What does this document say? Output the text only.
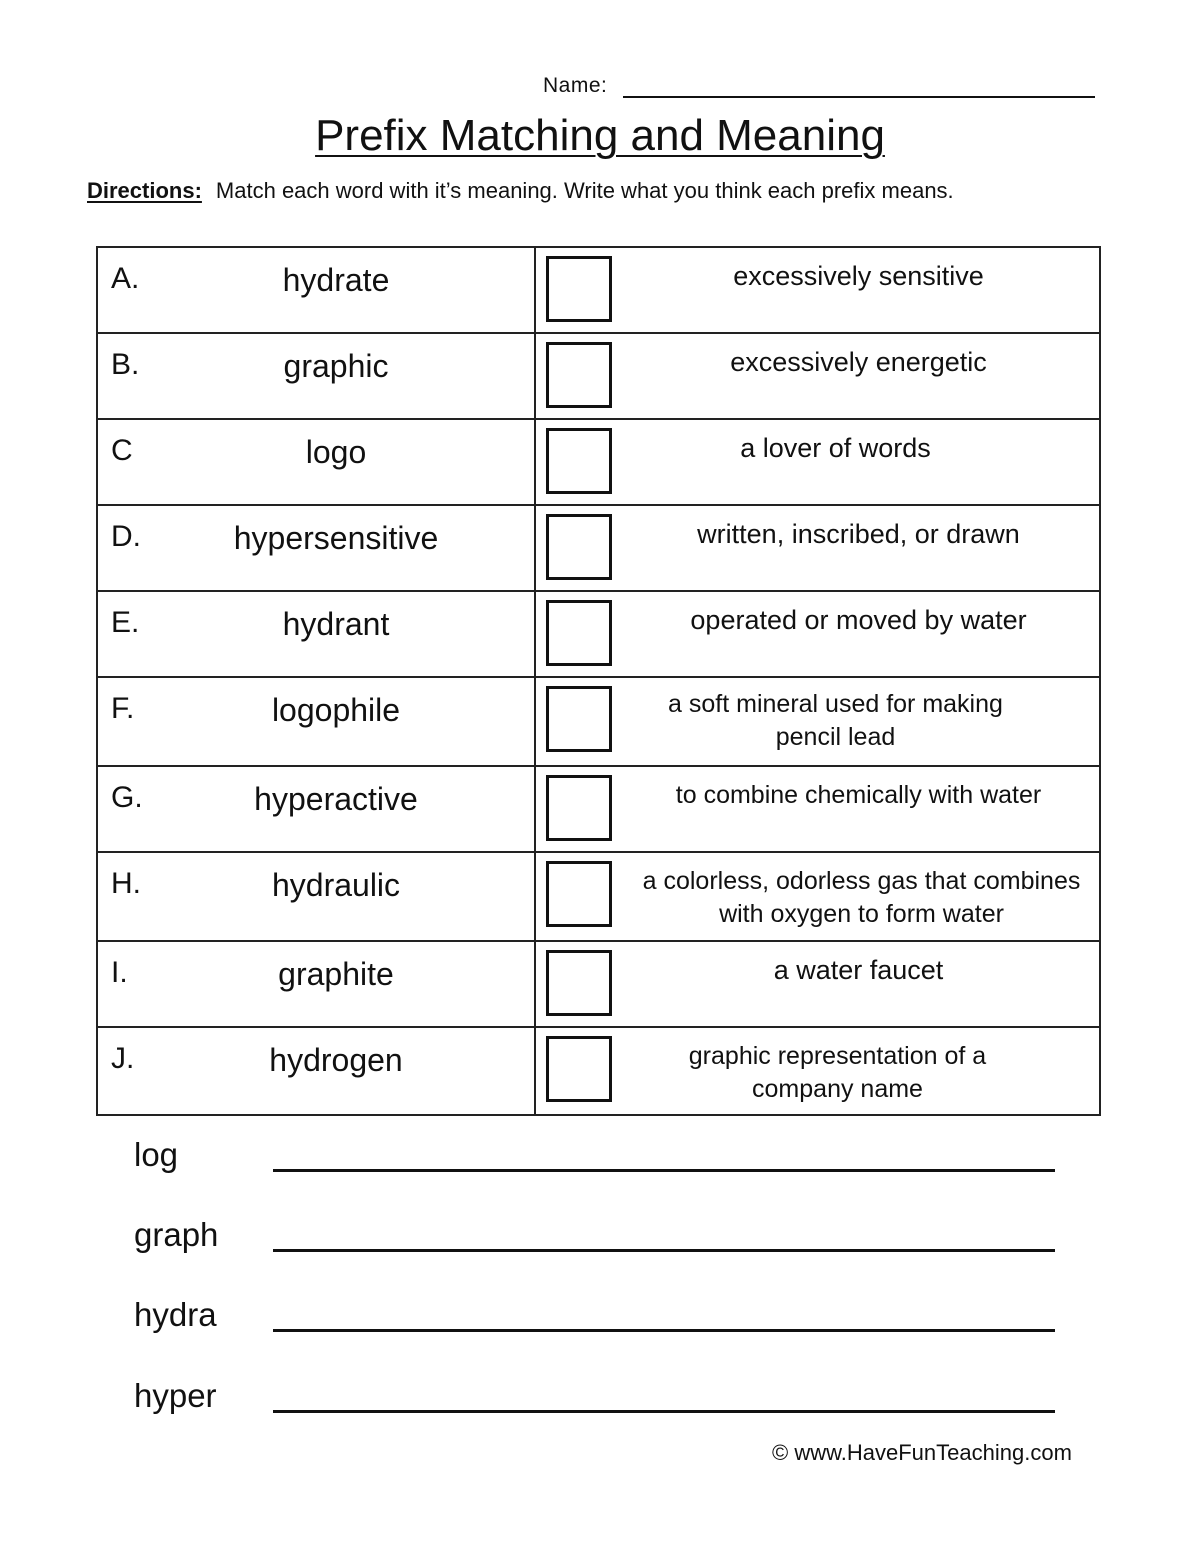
Name:
Prefix Matching and Meaning
Directions: Match each word with it’s meaning. Write what you think each prefix means.
A.	hydrate	excessively sensitive
B.	graphic	excessively energetic
C	logo	a lover of words
D.	hypersensitive	written, inscribed, or drawn
E.	hydrant	operated or moved by water
F.	logophile	a soft mineral used for making pencil lead
G.	hyperactive	to combine chemically with water
H.	hydraulic	a colorless, odorless gas that combines with oxygen to form water
I.	graphite	a water faucet
J.	hydrogen	graphic representation of a company name
log
graph
hydra
hyper
© www.HaveFunTeaching.com
